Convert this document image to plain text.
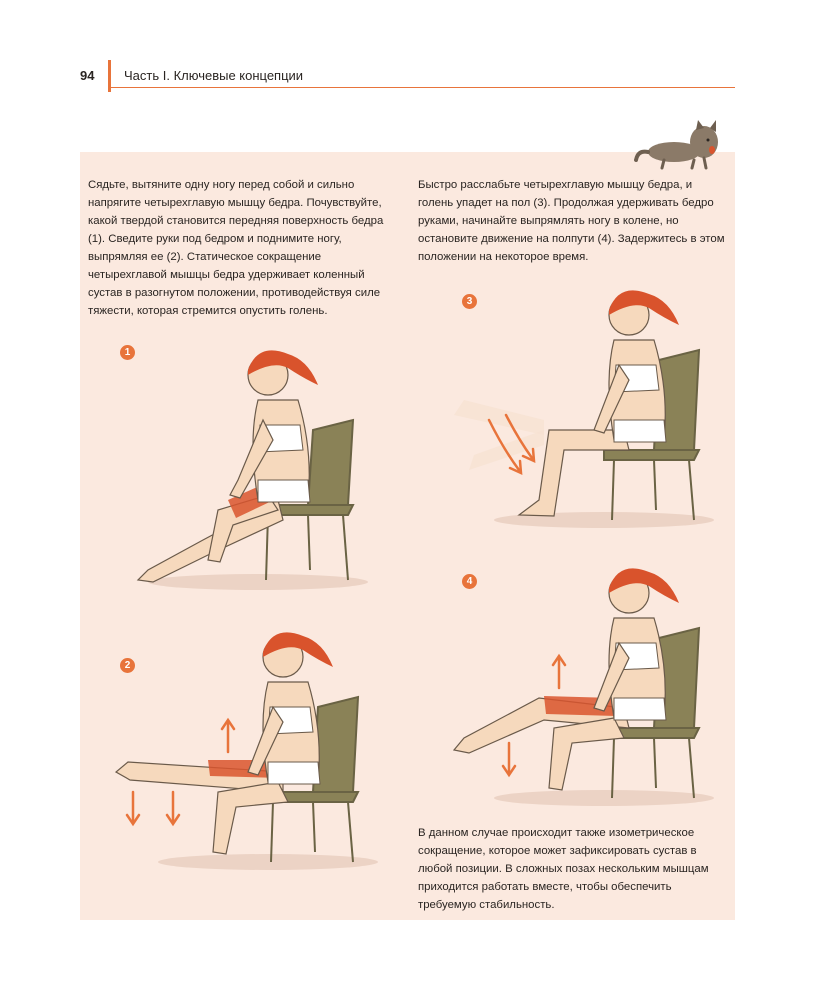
94 Часть I. Ключевые концепции

Сядьте, вытяните одну ногу перед собой и сильно напрягите четырехглавую мышцу бедра. Почувствуйте, какой твердой становится передняя поверхность бедра (1). Сведите руки под бедром и поднимите ногу, выпрямляя ее (2). Статическое сокращение четырехглавой мышцы бедра удерживает коленный сустав в разогнутом положении, противодействуя силе тяжести, которая стремится опустить голень.

Быстро расслабьте четырехглавую мышцу бедра, и голень упадет на пол (3). Продолжая удерживать бедро руками, начинайте выпрямлять ногу в колене, но остановите движение на полпути (4). Задержитесь в этом положении на некоторое время.

В данном случае происходит также изометрическое сокращение, которое может зафиксировать сустав в любой позиции. В сложных позах нескольким мышцам приходится работать вместе, чтобы обеспечить требуемую стабильность.

1
2
3
4
